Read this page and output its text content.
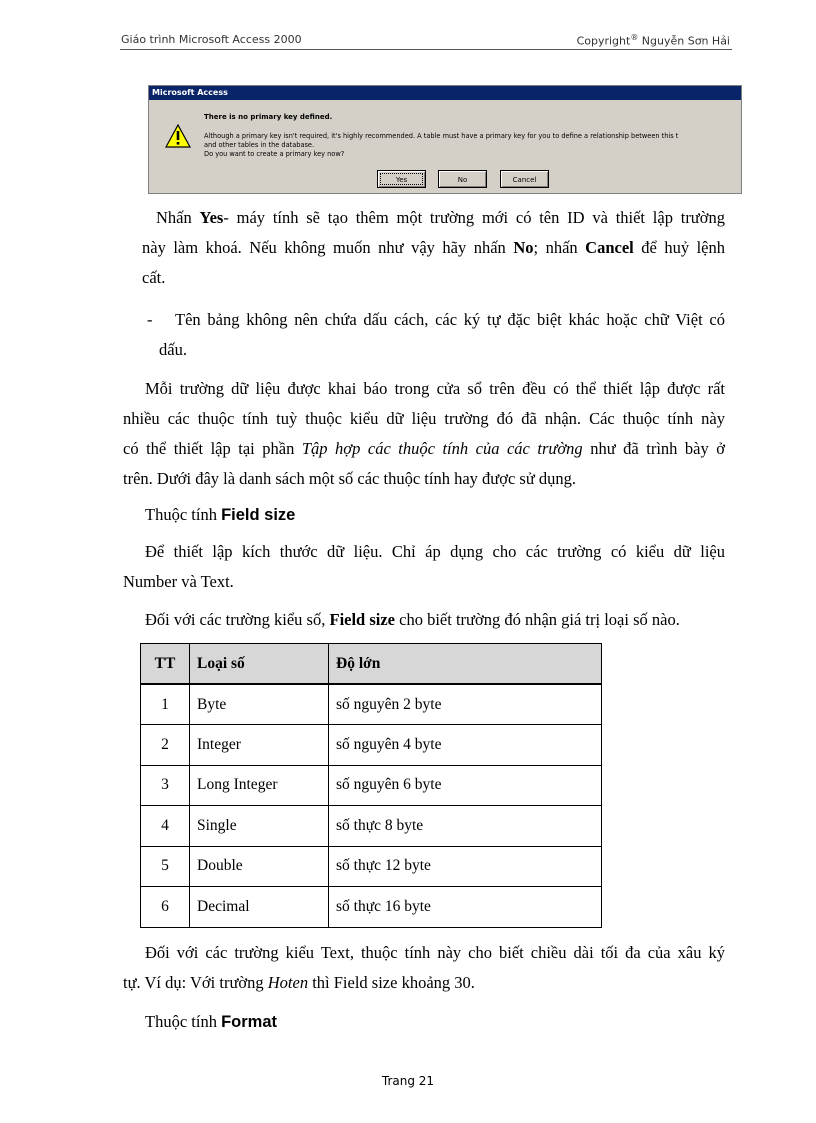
Giáo trình Microsoft Access 2000	Copyright® Nguyễn Sơn Hải
Microsoft Access
There is no primary key defined.
Although a primary key isn't required, it's highly recommended. A table must have a primary key for you to define a relationship between this t
and other tables in the database.
Do you want to create a primary key now?
Yes	No	Cancel
Nhấn Yes- máy tính sẽ tạo thêm một trường mới có tên ID và thiết lập trường
này làm khoá. Nếu không muốn như vậy hãy nhấn No; nhấn Cancel để huỷ lệnh
cất.
- Tên bảng không nên chứa dấu cách, các ký tự đặc biệt khác hoặc chữ Việt có
dấu.
Mỗi trường dữ liệu được khai báo trong cửa sổ trên đều có thể thiết lập được rất
nhiều các thuộc tính tuỳ thuộc kiểu dữ liệu trường đó đã nhận. Các thuộc tính này
có thể thiết lập tại phần Tập hợp các thuộc tính của các trường như đã trình bày ở
trên. Dưới đây là danh sách một số các thuộc tính hay được sử dụng.
Thuộc tính Field size
Để thiết lập kích thước dữ liệu. Chỉ áp dụng cho các trường có kiểu dữ liệu
Number và Text.
Đối với các trường kiểu số, Field size cho biết trường đó nhận giá trị loại số nào.
TT	Loại số	Độ lớn
1	Byte	số nguyên 2 byte
2	Integer	số nguyên 4 byte
3	Long Integer	số nguyên 6 byte
4	Single	số thực 8 byte
5	Double	số thực 12 byte
6	Decimal	số thực 16 byte
Đối với các trường kiểu Text, thuộc tính này cho biết chiều dài tối đa của xâu ký
tự. Ví dụ: Với trường Hoten thì Field size khoảng 30.
Thuộc tính Format
Trang 21
